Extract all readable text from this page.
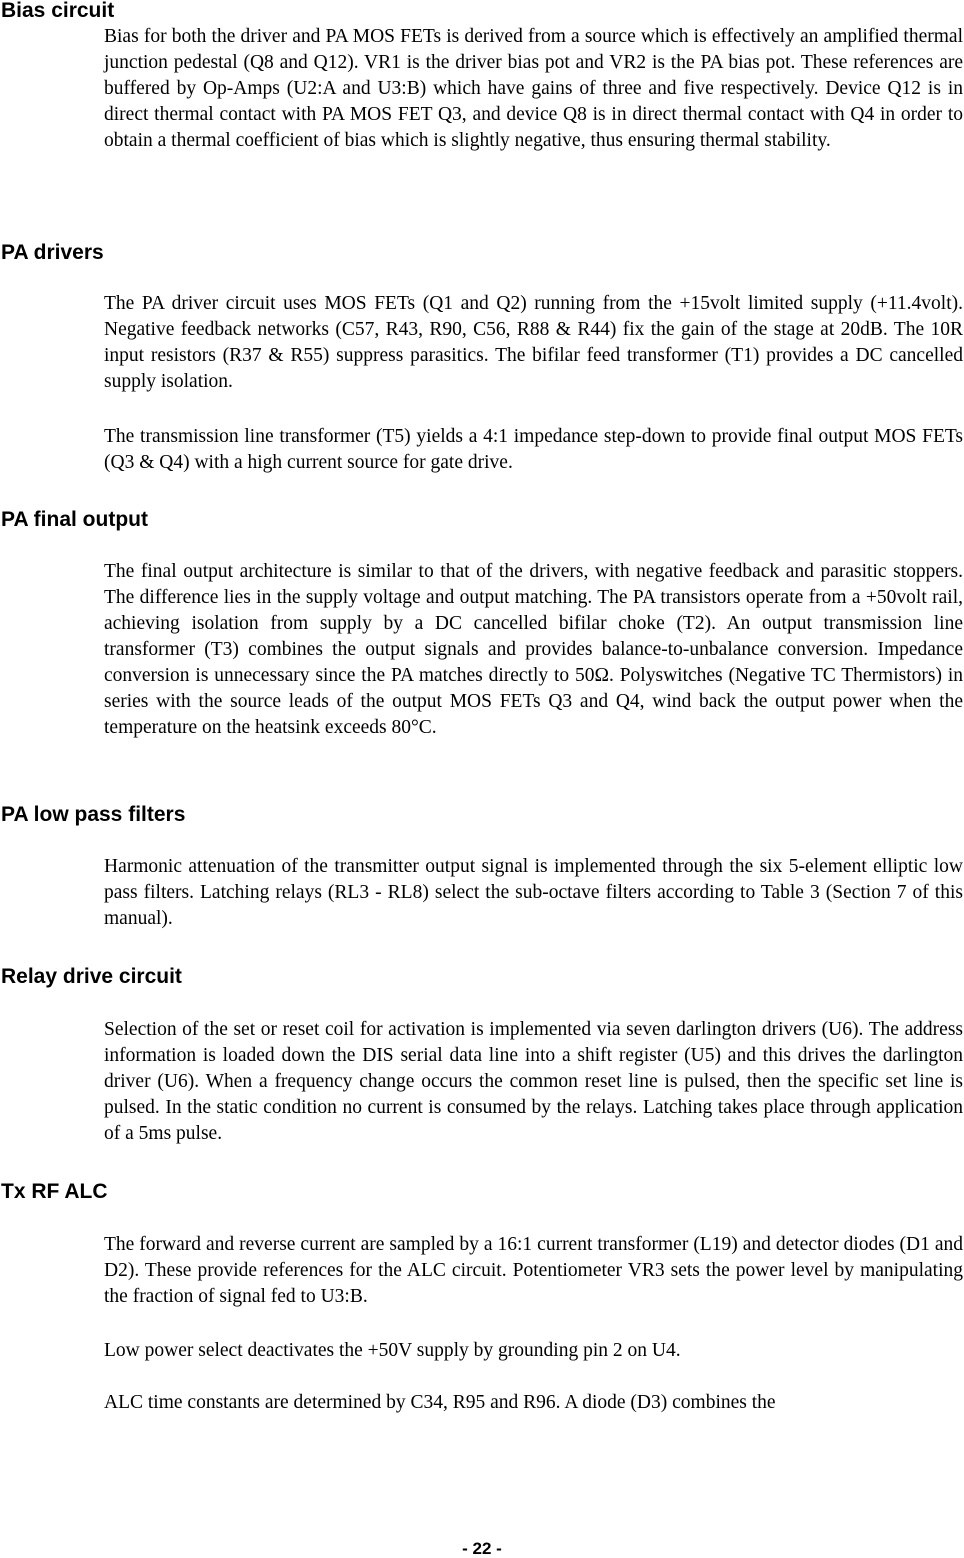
Bias circuit

Bias for both the driver and PA MOS FETs is derived from a source which is effectively an amplified thermal junction pedestal (Q8 and Q12). VR1 is the driver bias pot and VR2 is the PA bias pot. These references are buffered by Op-Amps (U2:A and U3:B) which have gains of three and five respectively. Device Q12 is in direct thermal contact with PA MOS FET Q3, and device Q8 is in direct thermal contact with Q4 in order to obtain a thermal coefficient of bias which is slightly negative, thus ensuring thermal stability.

PA drivers

The PA driver circuit uses MOS FETs (Q1 and Q2) running from the +15volt limited supply (+11.4volt). Negative feedback networks (C57, R43, R90, C56, R88 & R44) fix the gain of the stage at 20dB. The 10R input resistors (R37 & R55) suppress parasitics. The bifilar feed transformer (T1) provides a DC cancelled supply isolation.

The transmission line transformer (T5) yields a 4:1 impedance step-down to provide final output MOS FETs (Q3 & Q4) with a high current source for gate drive.

PA final output

The final output architecture is similar to that of the drivers, with negative feedback and parasitic stoppers. The difference lies in the supply voltage and output matching. The PA transistors operate from a +50volt rail, achieving isolation from supply by a DC cancelled bifilar choke (T2). An output transmission line transformer (T3) combines the output signals and provides balance-to-unbalance conversion. Impedance conversion is unnecessary since the PA matches directly to 50Ω. Polyswitches (Negative TC Thermistors) in series with the source leads of the output MOS FETs Q3 and Q4, wind back the output power when the temperature on the heatsink exceeds 80°C.

PA low pass filters

Harmonic attenuation of the transmitter output signal is implemented through the six 5-element elliptic low pass filters. Latching relays (RL3 - RL8) select the sub-octave filters according to Table 3 (Section 7 of this manual).

Relay drive circuit

Selection of the set or reset coil for activation is implemented via seven darlington drivers (U6). The address information is loaded down the DIS serial data line into a shift register (U5) and this drives the darlington driver (U6). When a frequency change occurs the common reset line is pulsed, then the specific set line is pulsed. In the static condition no current is consumed by the relays. Latching takes place through application of a 5ms pulse.

Tx RF ALC

The forward and reverse current are sampled by a 16:1 current transformer (L19) and detector diodes (D1 and D2). These provide references for the ALC circuit. Potentiometer VR3 sets the power level by manipulating the fraction of signal fed to U3:B.

Low power select deactivates the +50V supply by grounding pin 2 on U4.

ALC time constants are determined by C34, R95 and R96. A diode (D3) combines the

- 22 -
